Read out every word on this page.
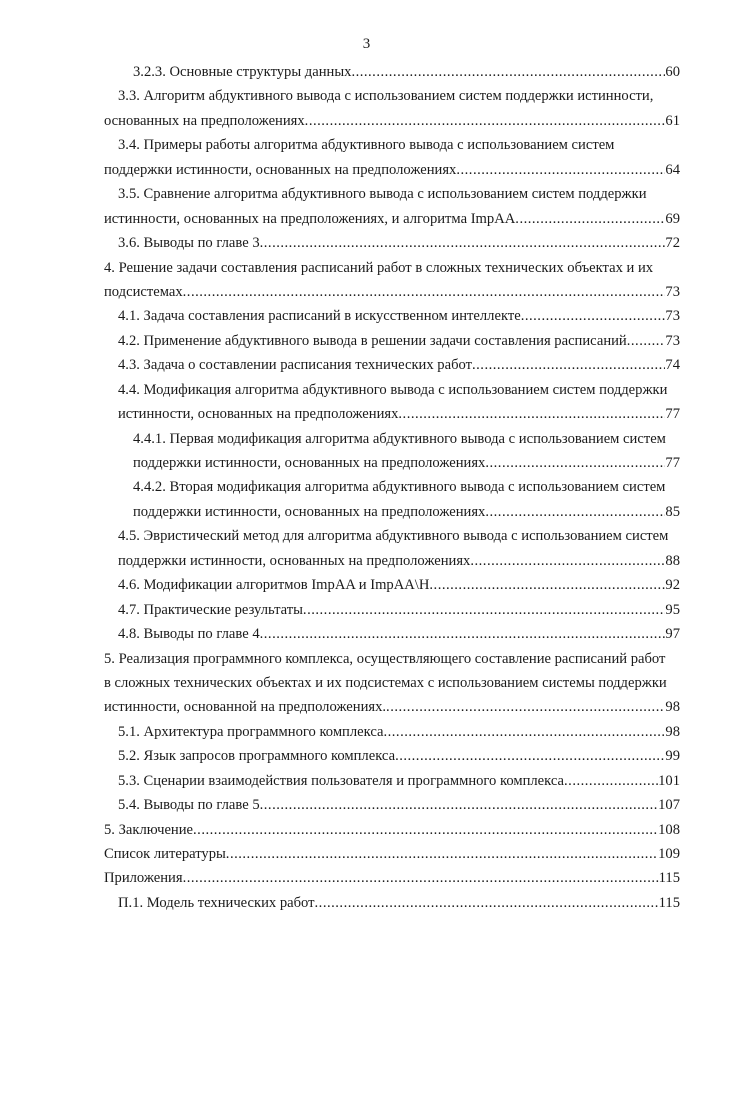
3
3.2.3. Основные структуры данных .....	60
3.3. Алгоритм абдуктивного вывода с использованием систем поддержки истинности,
основанных на предположениях .....	61
3.4. Примеры работы алгоритма абдуктивного вывода с использованием систем
поддержки истинности, основанных на предположениях .....	64
3.5. Сравнение алгоритма абдуктивного вывода с использованием систем поддержки
истинности, основанных на предположениях, и алгоритма ImpAA .....	69
3.6. Выводы по главе 3 .....	72
4. Решение задачи составления расписаний работ в сложных технических объектах и их
подсистемах .....	73
4.1. Задача составления расписаний в искусственном интеллекте .....	73
4.2. Применение абдуктивного вывода в решении задачи составления расписаний .....	73
4.3. Задача о составлении расписания технических работ .....	74
4.4. Модификация алгоритма абдуктивного вывода с использованием систем поддержки
истинности, основанных на предположениях .....	77
4.4.1. Первая модификация алгоритма абдуктивного вывода с использованием систем
поддержки истинности, основанных на предположениях .....	77
4.4.2. Вторая модификация алгоритма абдуктивного вывода с использованием систем
поддержки истинности, основанных на предположениях .....	85
4.5. Эвристический метод для алгоритма абдуктивного вывода с использованием систем
поддержки истинности, основанных на предположениях .....	88
4.6. Модификации алгоритмов ImpAA и ImpAA\H .....	92
4.7. Практические результаты .....	95
4.8. Выводы по главе 4 .....	97
5. Реализация программного комплекса, осуществляющего составление расписаний работ
в сложных технических объектах и их подсистемах с использованием системы поддержки
истинности, основанной на предположениях. .....	98
5.1. Архитектура программного комплекса .....	98
5.2. Язык запросов программного комплекса .....	99
5.3. Сценарии взаимодействия пользователя и программного комплекса .....	101
5.4. Выводы по главе 5 .....	107
5. Заключение .....	108
Список литературы .....	109
Приложения .....	115
П.1. Модель технических работ .....	115
